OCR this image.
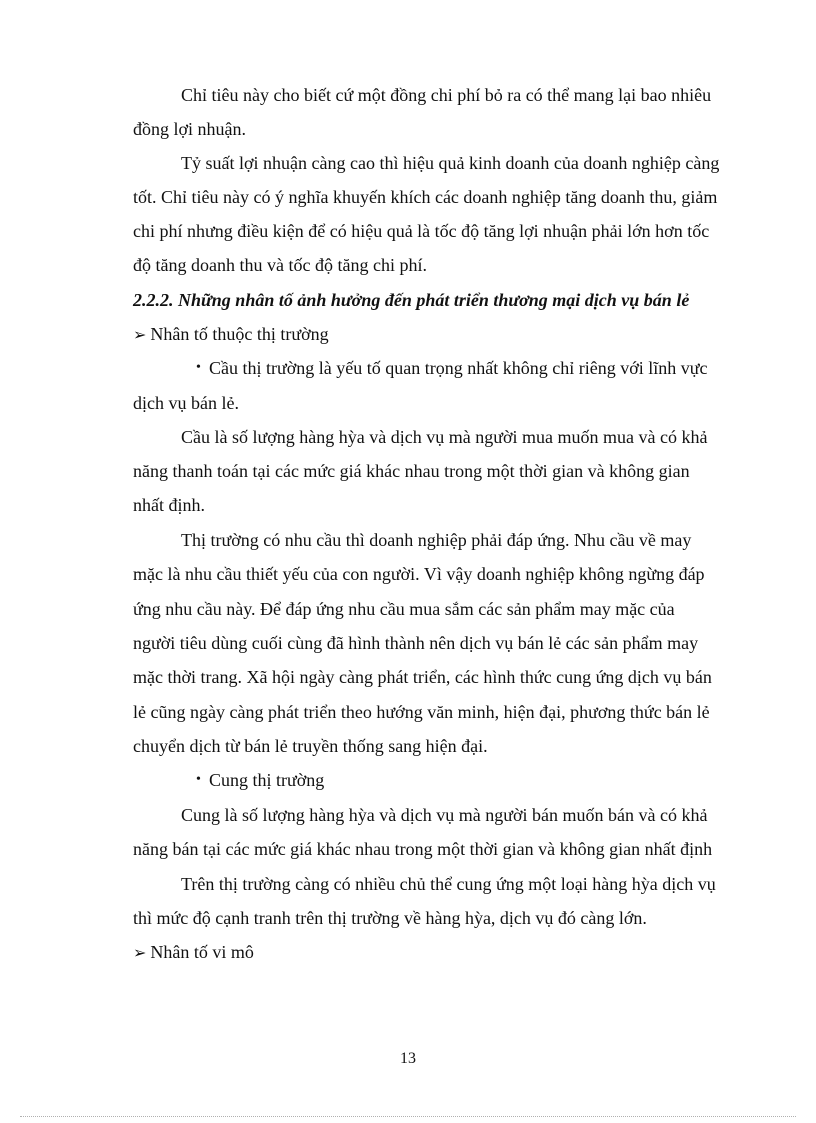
Chỉ tiêu này cho biết cứ một đồng chi phí bỏ ra có thể mang lại bao nhiêu
đồng lợi nhuận.
Tỷ suất lợi nhuận càng cao thì hiệu quả kinh doanh của doanh nghiệp càng
tốt. Chỉ tiêu này có ý nghĩa khuyến khích các doanh nghiệp tăng doanh thu, giảm
chi phí nhưng điều kiện để có hiệu quả là tốc độ tăng lợi nhuận phải lớn hơn tốc
độ tăng doanh thu và tốc độ tăng chi phí.
2.2.2. Những nhân tố ảnh hưởng đến phát triển thương mại dịch vụ bán lẻ
➢ Nhân tố thuộc thị trường
• Cầu thị trường là yếu tố quan trọng nhất không chỉ riêng với lĩnh vực
dịch vụ bán lẻ.
Cầu là số lượng hàng hỳa và dịch vụ mà người mua muốn mua và có khả
năng thanh toán tại các mức giá khác nhau trong một thời gian và không gian
nhất định.
Thị trường có nhu cầu thì doanh nghiệp phải đáp ứng. Nhu cầu về may
mặc là nhu cầu thiết yếu của con người. Vì vậy doanh nghiệp không ngừng đáp
ứng nhu cầu này. Để đáp ứng nhu cầu mua sắm các sản phẩm may mặc của
người tiêu dùng cuối cùng đã hình thành nên dịch vụ bán lẻ các sản phẩm may
mặc thời trang. Xã hội ngày càng phát triển, các hình thức cung ứng dịch vụ bán
lẻ cũng ngày càng phát triển theo hướng văn minh, hiện đại, phương thức bán lẻ
chuyển dịch từ bán lẻ truyền thống sang hiện đại.
• Cung thị trường
Cung là số lượng hàng hỳa và dịch vụ mà người bán muốn bán và có khả
năng bán tại các mức giá khác nhau trong một thời gian và không gian nhất định
Trên thị trường càng có nhiều chủ thể cung ứng một loại hàng hỳa dịch vụ
thì mức độ cạnh tranh trên thị trường về hàng hỳa, dịch vụ đó càng lớn.
➢ Nhân tố vi mô
13
